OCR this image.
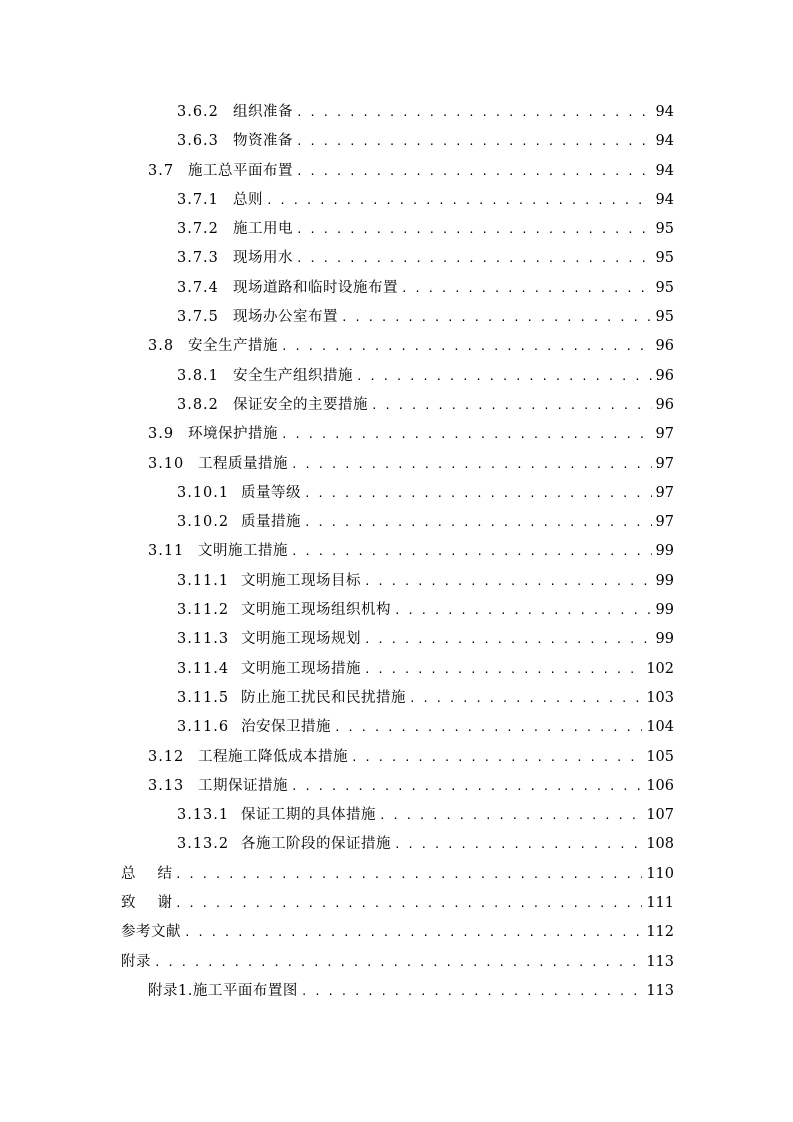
3.6.2 组织准备 . . .	94
3.6.3 物资准备 . . .	94
3.7 施工总平面布置 . . .	94
3.7.1 总则 . . .	94
3.7.2 施工用电 . . .	95
3.7.3 现场用水 . . .	95
3.7.4 现场道路和临时设施布置 . . .	95
3.7.5 现场办公室布置 . . .	95
3.8 安全生产措施 . . .	96
3.8.1 安全生产组织措施 . . .	96
3.8.2 保证安全的主要措施 . . .	96
3.9 环境保护措施 . . .	97
3.10 工程质量措施 . . .	97
3.10.1 质量等级 . . .	97
3.10.2 质量措施 . . .	97
3.11 文明施工措施 . . .	99
3.11.1 文明施工现场目标 . . .	99
3.11.2 文明施工现场组织机构 . . .	99
3.11.3 文明施工现场规划 . . .	99
3.11.4 文明施工现场措施 . . .	102
3.11.5 防止施工扰民和民扰措施 . . .	103
3.11.6 治安保卫措施 . . .	104
3.12 工程施工降低成本措施 . . .	105
3.13 工期保证措施 . . .	106
3.13.1 保证工期的具体措施 . . .	107
3.13.2 各施工阶段的保证措施 . . .	108
总结 . . .	110
致谢 . . .	111
参考文献 . . .	112
附录 . . .	113
附录1.施工平面布置图 . . .	113
